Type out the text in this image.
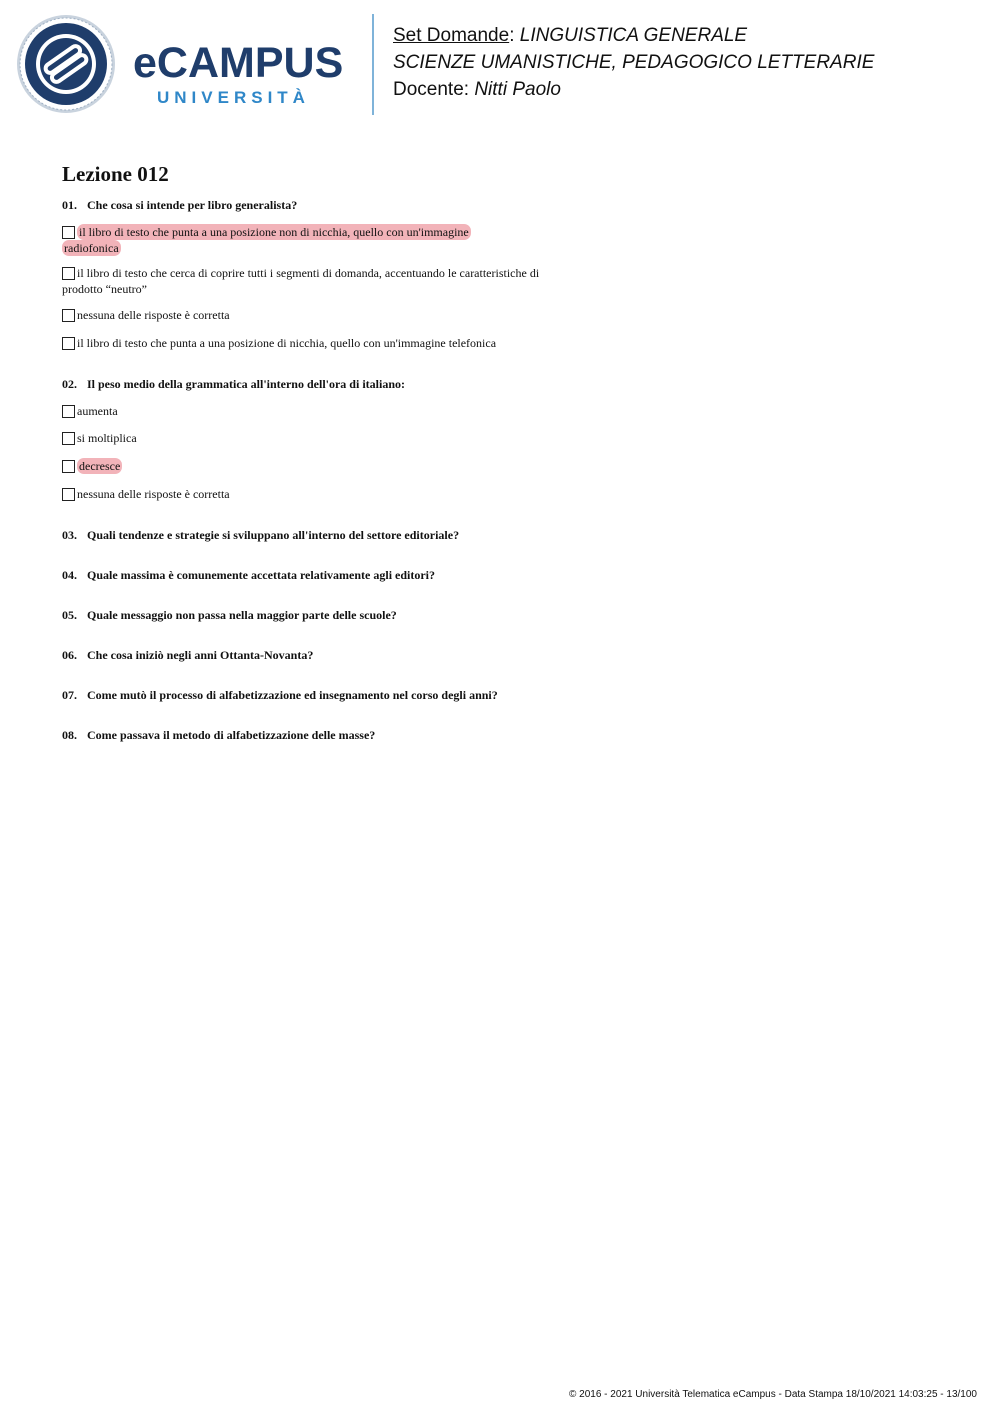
eCAMPUS
UNIVERSITÀ
Set Domande: LINGUISTICA GENERALE
SCIENZE UMANISTICHE, PEDAGOGICO LETTERARIE
Docente: Nitti Paolo
Lezione 012
01. Che cosa si intende per libro generalista?
il libro di testo che punta a una posizione non di nicchia, quello con un'immagine
radiofonica
il libro di testo che cerca di coprire tutti i segmenti di domanda, accentuando le caratteristiche di
prodotto “neutro”
nessuna delle risposte è corretta
il libro di testo che punta a una posizione di nicchia, quello con un'immagine telefonica
02. Il peso medio della grammatica all'interno dell'ora di italiano:
aumenta
si moltiplica
decresce
nessuna delle risposte è corretta
03. Quali tendenze e strategie si sviluppano all'interno del settore editoriale?
04. Quale massima è comunemente accettata relativamente agli editori?
05. Quale messaggio non passa nella maggior parte delle scuole?
06. Che cosa iniziò negli anni Ottanta-Novanta?
07. Come mutò il processo di alfabetizzazione ed insegnamento nel corso degli anni?
08. Come passava il metodo di alfabetizzazione delle masse?
© 2016 - 2021 Università Telematica eCampus - Data Stampa 18/10/2021 14:03:25 - 13/100
